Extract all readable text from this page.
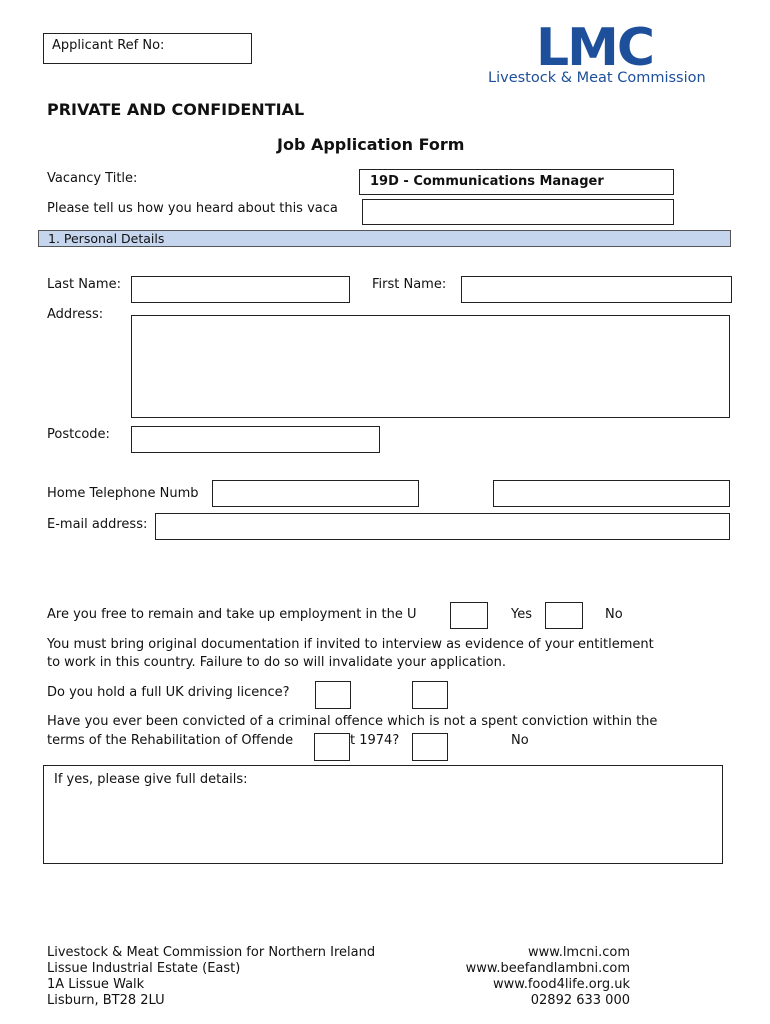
Applicant Ref No:	LMC
Livestock & Meat Commission
PRIVATE AND CONFIDENTIAL
Job Application Form
Vacancy Title:	19D - Communications Manager
Please tell us how you heard about this vaca
1. Personal Details
Last Name:	First Name:
Address:
Postcode:
Home Telephone Numb
E-mail address:
Are you free to remain and take up employment in the U	Yes	No
You must bring original documentation if invited to interview as evidence of your entitlement
to work in this country. Failure to do so will invalidate your application.
Do you hold a full UK driving licence?
Have you ever been convicted of a criminal offence which is not a spent conviction within the
terms of the Rehabilitation of Offende	t 1974?	No
If yes, please give full details:
Livestock & Meat Commission for Northern Ireland
Lissue Industrial Estate (East)
1A Lissue Walk
Lisburn, BT28 2LU
www.lmcni.com
www.beefandlambni.com
www.food4life.org.uk
02892 633 000
